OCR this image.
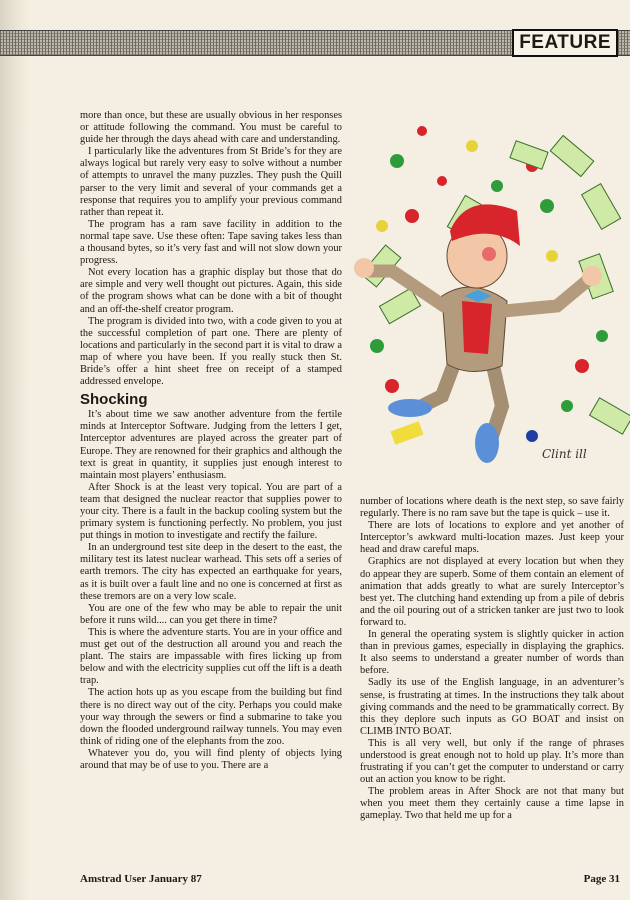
FEATURE

more than once, but these are usually obvious in her responses or attitude following the command. You must be careful to guide her through the days ahead with care and understanding.

I particularly like the adventures from St Bride’s for they are always logical but rarely very easy to solve without a number of attempts to unravel the many puzzles. They push the Quill parser to the very limit and several of your commands get a response that requires you to amplify your previous command rather than repeat it.

The program has a ram save facility in addition to the normal tape save. Use these often: Tape saving takes less than a thousand bytes, so it’s very fast and will not slow down your progress.

Not every location has a graphic display but those that do are simple and very well thought out pictures. Again, this side of the program shows what can be done with a bit of thought and an off-the-shelf creator program.

The program is divided into two, with a code given to you at the successful completion of part one. There are plenty of locations and particularly in the second part it is vital to draw a map of where you have been. If you really stuck then St. Bride’s offer a hint sheet free on receipt of a stamped addressed envelope.

Shocking

It’s about time we saw another adventure from the fertile minds at Interceptor Software. Judging from the letters I get, Interceptor adventures are played across the greater part of Europe. They are renowned for their graphics and although the text is great in quantity, it supplies just enough interest to maintain most players’ enthusiasm.

After Shock is at the least very topical. You are part of a team that designed the nuclear reactor that supplies power to your city. There is a fault in the backup cooling system but the primary system is functioning perfectly. No problem, you just put things in motion to investigate and rectify the failure.

In an underground test site deep in the desert to the east, the military test its latest nuclear warhead. This sets off a series of earth tremors. The city has expected an earthquake for years, as it is built over a fault line and no one is concerned at first as these tremors are on a very low scale.

You are one of the few who may be able to repair the unit before it runs wild.... can you get there in time?

This is where the adventure starts. You are in your office and must get out of the destruction all around you and reach the plant. The stairs are impassable with fires licking up from below and with the electricity supplies cut off the lift is a death trap.

The action hots up as you escape from the building but find there is no direct way out of the city. Perhaps you could make your way through the sewers or find a submarine to take you down the flooded underground railway tunnels. You may even think of riding one of the elephants from the zoo.

Whatever you do, you will find plenty of objects lying around that may be of use to you. There are a

Clint ill

number of locations where death is the next step, so save fairly regularly. There is no ram save but the tape is quick – use it.

There are lots of locations to explore and yet another of Interceptor’s awkward multi-location mazes. Just keep your head and draw careful maps.

Graphics are not displayed at every location but when they do appear they are superb. Some of them contain an element of animation that adds greatly to what are surely Interceptor’s best yet. The clutching hand extending up from a pile of debris and the oil pouring out of a stricken tanker are just two to look forward to.

In general the operating system is slightly quicker in action than in previous games, especially in displaying the graphics. It also seems to understand a greater number of words than before.

Sadly its use of the English language, in an adventurer’s sense, is frustrating at times. In the instructions they talk about giving commands and the need to be grammatically correct. By this they deplore such inputs as GO BOAT and insist on CLIMB INTO BOAT.

This is all very well, but only if the range of phrases understood is great enough not to hold up play. It’s more than frustrating if you can’t get the computer to understand or carry out an action you know to be right.

The problem areas in After Shock are not that many but when you meet them they certainly cause a time lapse in gameplay. Two that held me up for a

Amstrad User January 87	Page 31
